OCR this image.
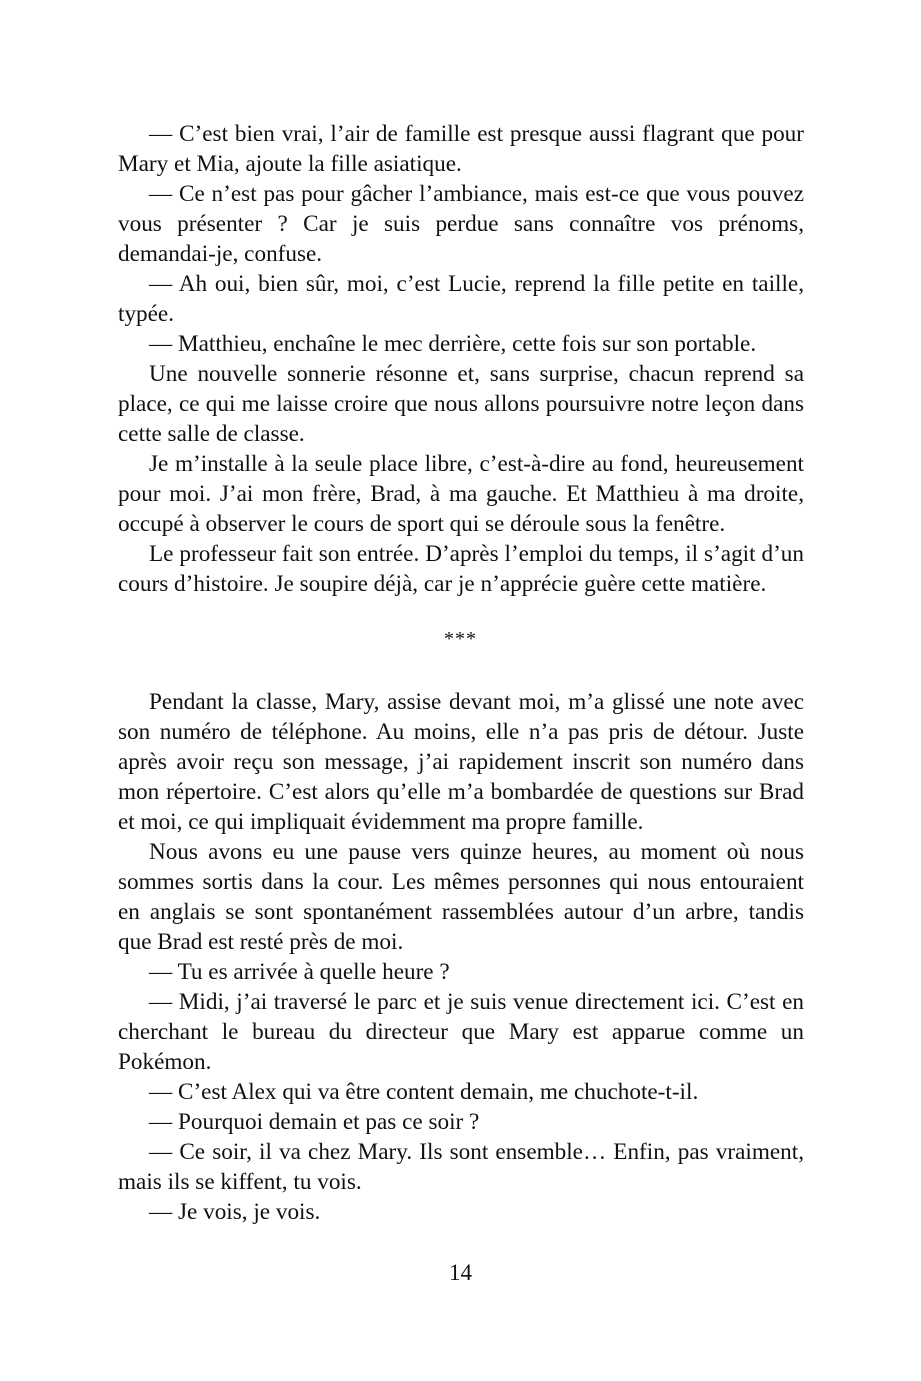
— C’est bien vrai, l’air de famille est presque aussi flagrant que pour Mary et Mia, ajoute la fille asiatique.

— Ce n’est pas pour gâcher l’ambiance, mais est-ce que vous pouvez vous présenter ? Car je suis perdue sans connaître vos prénoms, demandai-je, confuse.

— Ah oui, bien sûr, moi, c’est Lucie, reprend la fille petite en taille, typée.

— Matthieu, enchaîne le mec derrière, cette fois sur son portable.

Une nouvelle sonnerie résonne et, sans surprise, chacun reprend sa place, ce qui me laisse croire que nous allons poursuivre notre leçon dans cette salle de classe.

Je m’installe à la seule place libre, c’est-à-dire au fond, heureusement pour moi. J’ai mon frère, Brad, à ma gauche. Et Matthieu à ma droite, occupé à observer le cours de sport qui se déroule sous la fenêtre.

Le professeur fait son entrée. D’après l’emploi du temps, il s’agit d’un cours d’histoire. Je soupire déjà, car je n’apprécie guère cette matière.

***

Pendant la classe, Mary, assise devant moi, m’a glissé une note avec son numéro de téléphone. Au moins, elle n’a pas pris de détour. Juste après avoir reçu son message, j’ai rapidement inscrit son numéro dans mon répertoire. C’est alors qu’elle m’a bombardée de questions sur Brad et moi, ce qui impliquait évidemment ma propre famille.

Nous avons eu une pause vers quinze heures, au moment où nous sommes sortis dans la cour. Les mêmes personnes qui nous entouraient en anglais se sont spontanément rassemblées autour d’un arbre, tandis que Brad est resté près de moi.

— Tu es arrivée à quelle heure ?

— Midi, j’ai traversé le parc et je suis venue directement ici. C’est en cherchant le bureau du directeur que Mary est apparue comme un Pokémon.

— C’est Alex qui va être content demain, me chuchote-t-il.

— Pourquoi demain et pas ce soir ?

— Ce soir, il va chez Mary. Ils sont ensemble… Enfin, pas vraiment, mais ils se kiffent, tu vois.

— Je vois, je vois.

14
